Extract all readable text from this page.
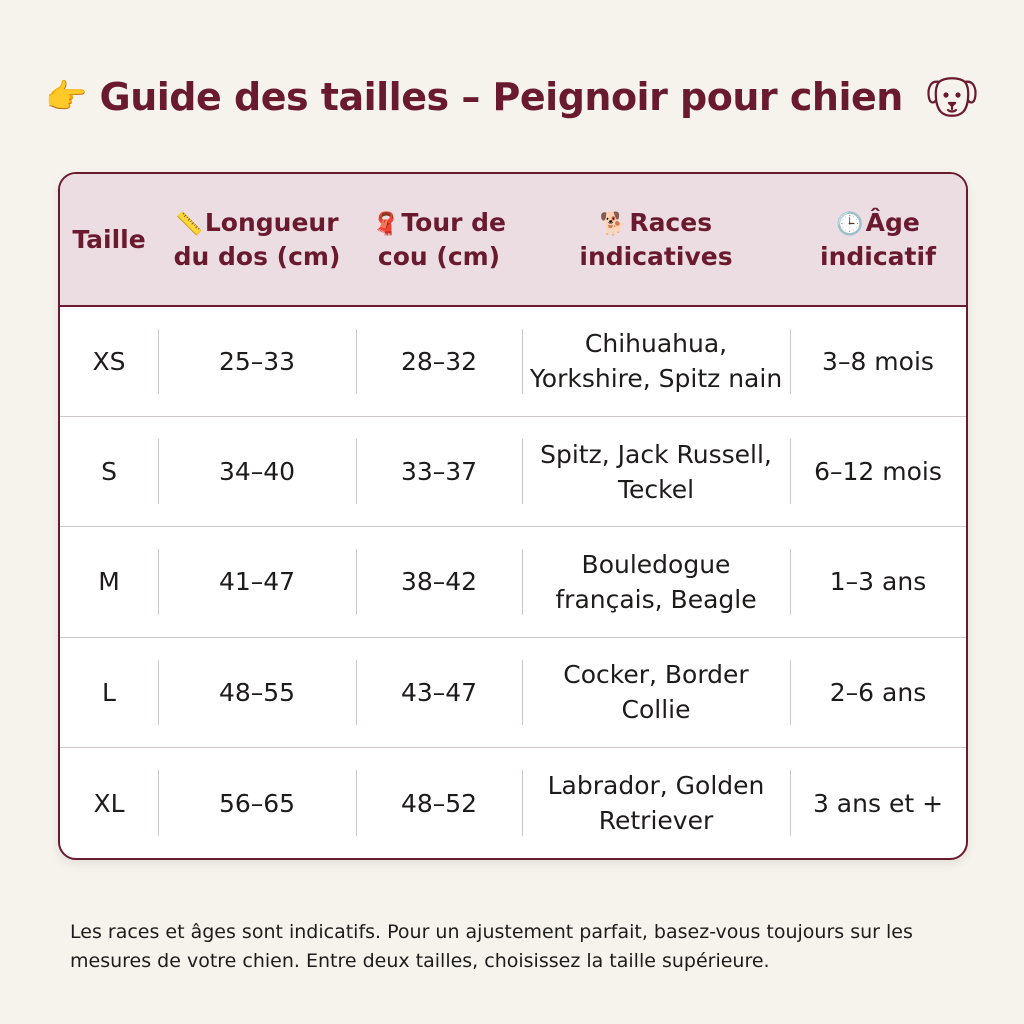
👉 Guide des tailles – Peignoir pour chien
Taille	📏Longueur du dos (cm)	🧣Tour de cou (cm)	🐕Races indicatives	🕒Âge indicatif
XS	25–33	28–32	Chihuahua, Yorkshire, Spitz nain	3–8 mois
S	34–40	33–37	Spitz, Jack Russell, Teckel	6–12 mois
M	41–47	38–42	Bouledogue français, Beagle	1–3 ans
L	48–55	43–47	Cocker, Border Collie	2–6 ans
XL	56–65	48–52	Labrador, Golden Retriever	3 ans et +

Les races et âges sont indicatifs. Pour un ajustement parfait, basez-vous toujours sur les mesures de votre chien. Entre deux tailles, choisissez la taille supérieure.
